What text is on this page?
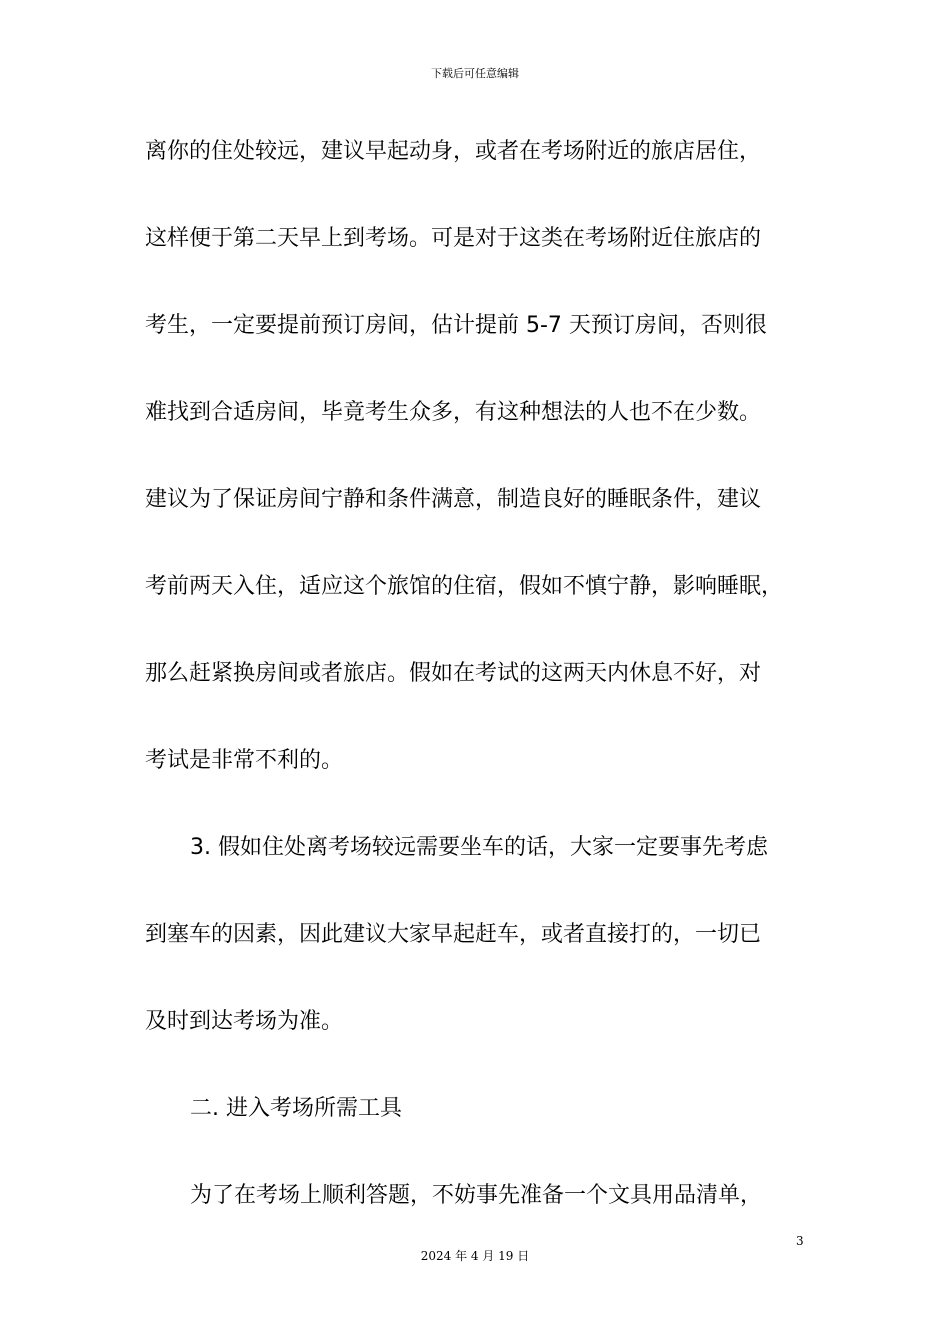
下载后可任意编辑
离你的住处较远，建议早起动身，或者在考场附近的旅店居住，
这样便于第二天早上到考场。可是对于这类在考场附近住旅店的
考生，一定要提前预订房间，估计提前 5-7 天预订房间，否则很
难找到合适房间，毕竟考生众多，有这种想法的人也不在少数。
建议为了保证房间宁静和条件满意，制造良好的睡眠条件，建议
考前两天入住，适应这个旅馆的住宿，假如不慎宁静，影响睡眠，
那么赶紧换房间或者旅店。假如在考试的这两天内休息不好，对
考试是非常不利的。
3. 假如住处离考场较远需要坐车的话，大家一定要事先考虑
到塞车的因素，因此建议大家早起赶车，或者直接打的，一切已
及时到达考场为准。
二. 进入考场所需工具
为了在考场上顺利答题，不妨事先准备一个文具用品清单，
3
2024 年 4 月 19 日
